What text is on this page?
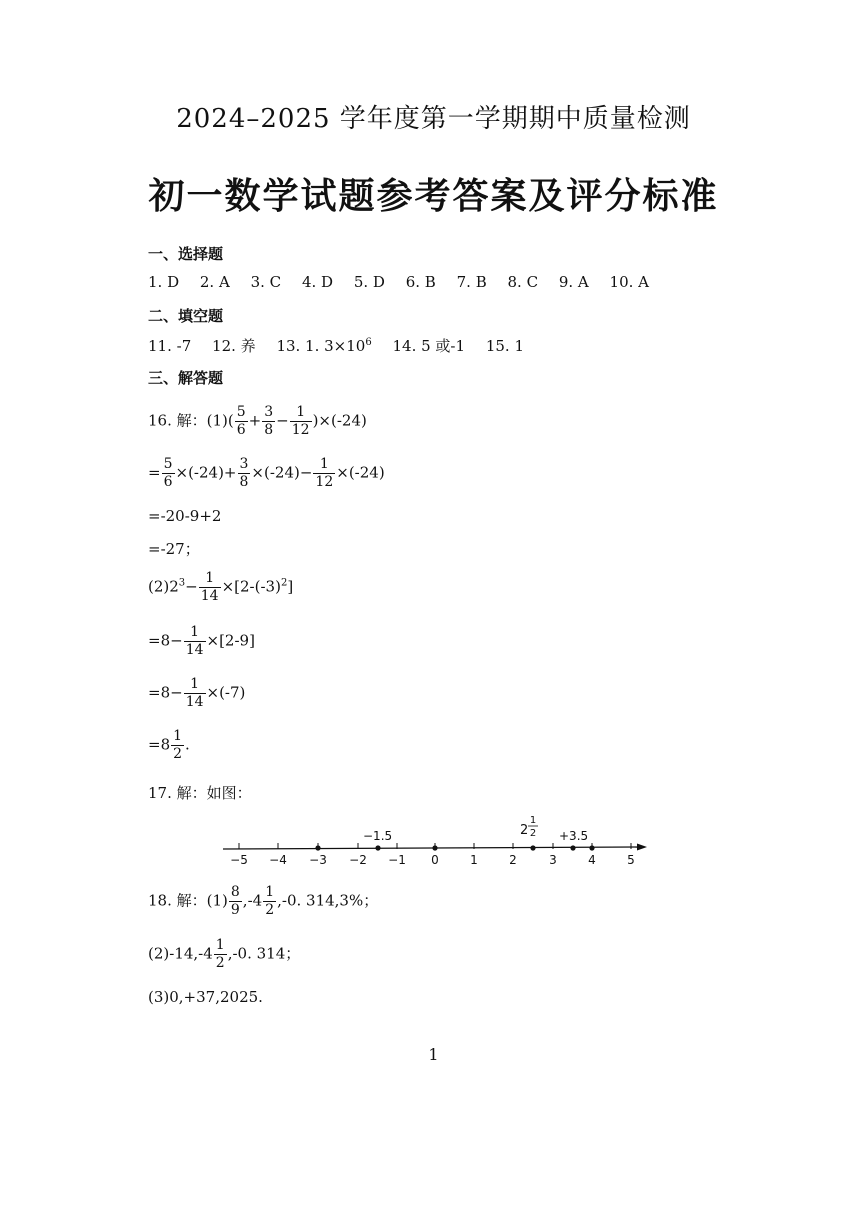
2024–2025 学年度第一学期期中质量检测
初一数学试题参考答案及评分标准
一、选择题
1. D 2. A 3. C 4. D 5. D 6. B 7. B 8. C 9. A 10. A
二、填空题
11. -7 12. 养 13. 1. $3\times 10^6$ 14. 5 或-1 15. 1
三、解答题
16. 解：$(1)( \frac{5}{6} + \frac{3}{8} - \frac{1}{12} )\times(-24)$
= $\frac{5}{6} \times(-24)+ \frac{3}{8} \times(-24)- \frac{1}{12} \times(-24)$
=-20-9+2
=-27；
$(2)2^3- \frac{1}{14} \times[2-(-3)^2]$
$=8- \frac{1}{14} \times[2-9]$
$=8- \frac{1}{14} \times(-7)$
$=8 \frac{1}{2}$ .
17. 解：如图：
−5 −4 −3 −2 −1 0	1	2	3	4	5
−1.5	2
1
2 +3.5
18. 解：$(1) \frac{8}{9} ,-4 \frac{1}{2} ,-0$. 314,3%；
$(2)-14,-4 \frac{1}{2} ,-0$. 314；
(3)0,+37,2025.
1
